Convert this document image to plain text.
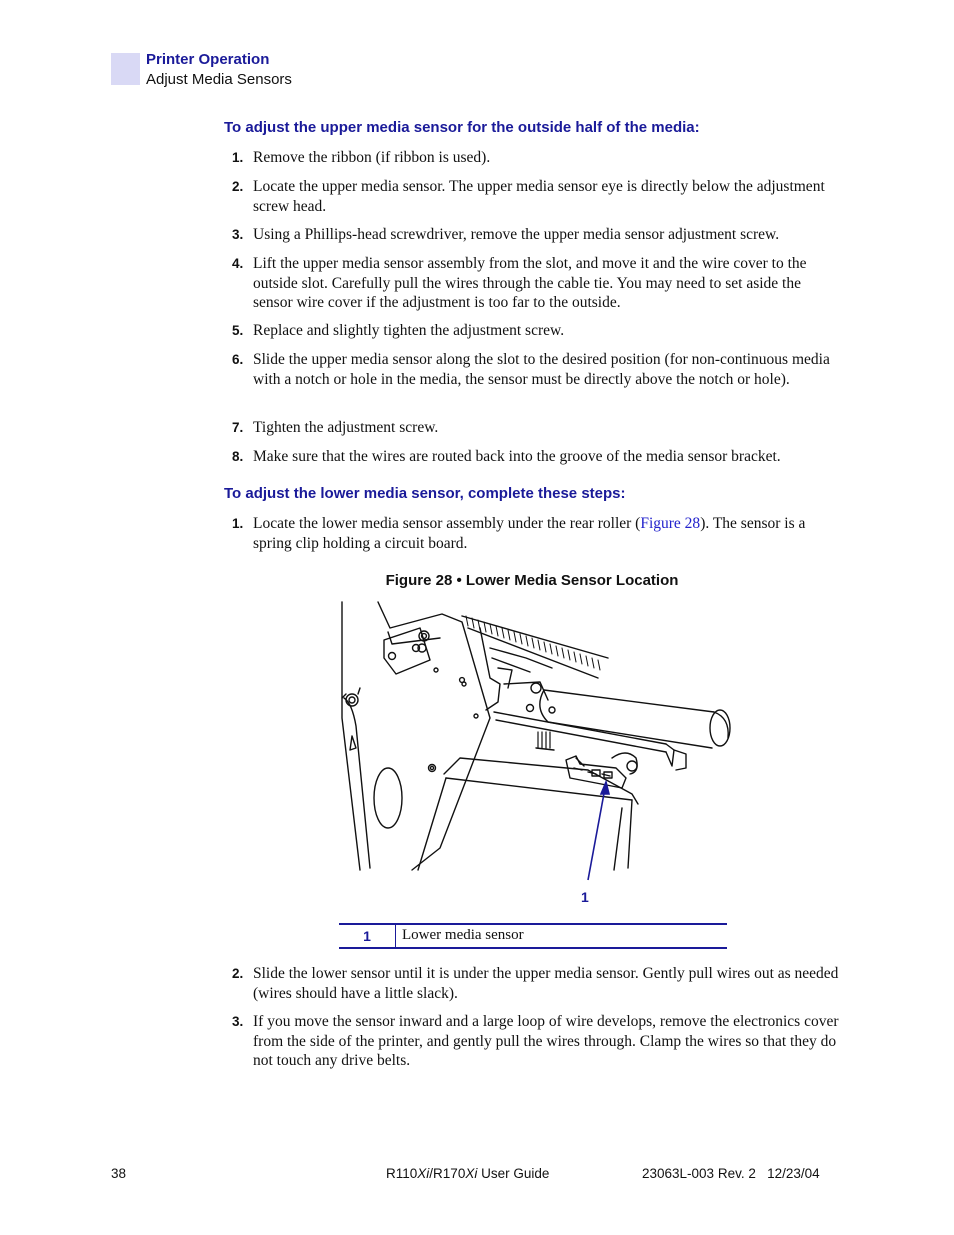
Printer Operation
Adjust Media Sensors
To adjust the upper media sensor for the outside half of the media:
1. Remove the ribbon (if ribbon is used).
2. Locate the upper media sensor. The upper media sensor eye is directly below the adjustment screw head.
3. Using a Phillips-head screwdriver, remove the upper media sensor adjustment screw.
4. Lift the upper media sensor assembly from the slot, and move it and the wire cover to the outside slot. Carefully pull the wires through the cable tie. You may need to set aside the sensor wire cover if the adjustment is too far to the outside.
5. Replace and slightly tighten the adjustment screw.
6. Slide the upper media sensor along the slot to the desired position (for non-continuous media with a notch or hole in the media, the sensor must be directly above the notch or hole).
7. Tighten the adjustment screw.
8. Make sure that the wires are routed back into the groove of the media sensor bracket.
To adjust the lower media sensor, complete these steps:
1. Locate the lower media sensor assembly under the rear roller (Figure 28). The sensor is a spring clip holding a circuit board.
Figure 28 • Lower Media Sensor Location
1
1	Lower media sensor
2. Slide the lower sensor until it is under the upper media sensor. Gently pull wires out as needed (wires should have a little slack).
3. If you move the sensor inward and a large loop of wire develops, remove the electronics cover from the side of the printer, and gently pull the wires through. Clamp the wires so that they do not touch any drive belts.
38	R110Xi/R170Xi User Guide	23063L-003 Rev. 2   12/23/04
